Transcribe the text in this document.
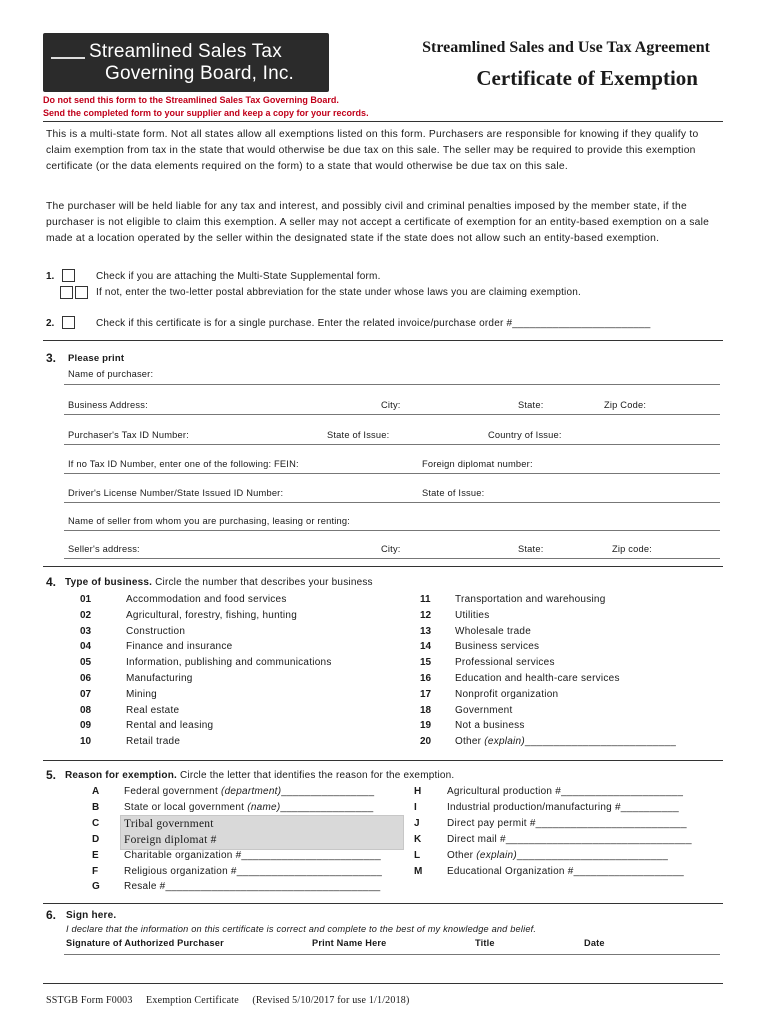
Streamlined Sales Tax
Governing Board, Inc.
Streamlined Sales and Use Tax Agreement
Certificate of Exemption
Do not send this form to the Streamlined Sales Tax Governing Board.
Send the completed form to your supplier and keep a copy for your records.
This is a multi-state form. Not all states allow all exemptions listed on this form. Purchasers are responsible for knowing if they qualify to claim exemption from tax in the state that would otherwise be due tax on this sale. The seller may be required to provide this exemption certificate (or the data elements required on the form) to a state that would otherwise be due tax on this sale.
The purchaser will be held liable for any tax and interest, and possibly civil and criminal penalties imposed by the member state, if the purchaser is not eligible to claim this exemption. A seller may not accept a certificate of exemption for an entity-based exemption on a sale made at a location operated by the seller within the designated state if the state does not allow such an entity-based exemption.
1.	Check if you are attaching the Multi-State Supplemental form.
If not, enter the two-letter postal abbreviation for the state under whose laws you are claiming exemption.
2.	Check if this certificate is for a single purchase. Enter the related invoice/purchase order #________________________
3. Please print
Name of purchaser:
Business Address:	City:	State:	Zip Code:
Purchaser's Tax ID Number:	State of Issue:	Country of Issue:
If no Tax ID Number, enter one of the following: FEIN:	Foreign diplomat number:
Driver's License Number/State Issued ID Number:	State of Issue:
Name of seller from whom you are purchasing, leasing or renting:
Seller's address:	City:	State:	Zip code:
4. Type of business. Circle the number that describes your business
01	Accommodation and food services
02	Agricultural, forestry, fishing, hunting
03	Construction
04	Finance and insurance
05	Information, publishing and communications
06	Manufacturing
07	Mining
08	Real estate
09	Rental and leasing
10	Retail trade
11 Transportation and warehousing
12 Utilities
13 Wholesale trade
14 Business services
15 Professional services
16 Education and health-care services
17 Nonprofit organization
18 Government
19 Not a business
20 Other (explain)__________________________
5. Reason for exemption. Circle the letter that identifies the reason for the exemption.
A Federal government (department)________________
B State or local government (name)________________
C Tribal government
D Foreign diplomat #
E	Charitable organization #________________________
F	Religious organization #_________________________
G Resale #_____________________________________
H	Agricultural production #_____________________
I	Industrial production/manufacturing #__________
J	Direct pay permit #__________________________
K	Direct mail #________________________________
L	Other (explain)__________________________
M Educational Organization #___________________
6. Sign here.
I declare that the information on this certificate is correct and complete to the best of my knowledge and belief.
Signature of Authorized Purchaser	Print Name Here	Title	Date
SSTGB Form F0003     Exemption Certificate     (Revised 5/10/2017 for use 1/1/2018)
